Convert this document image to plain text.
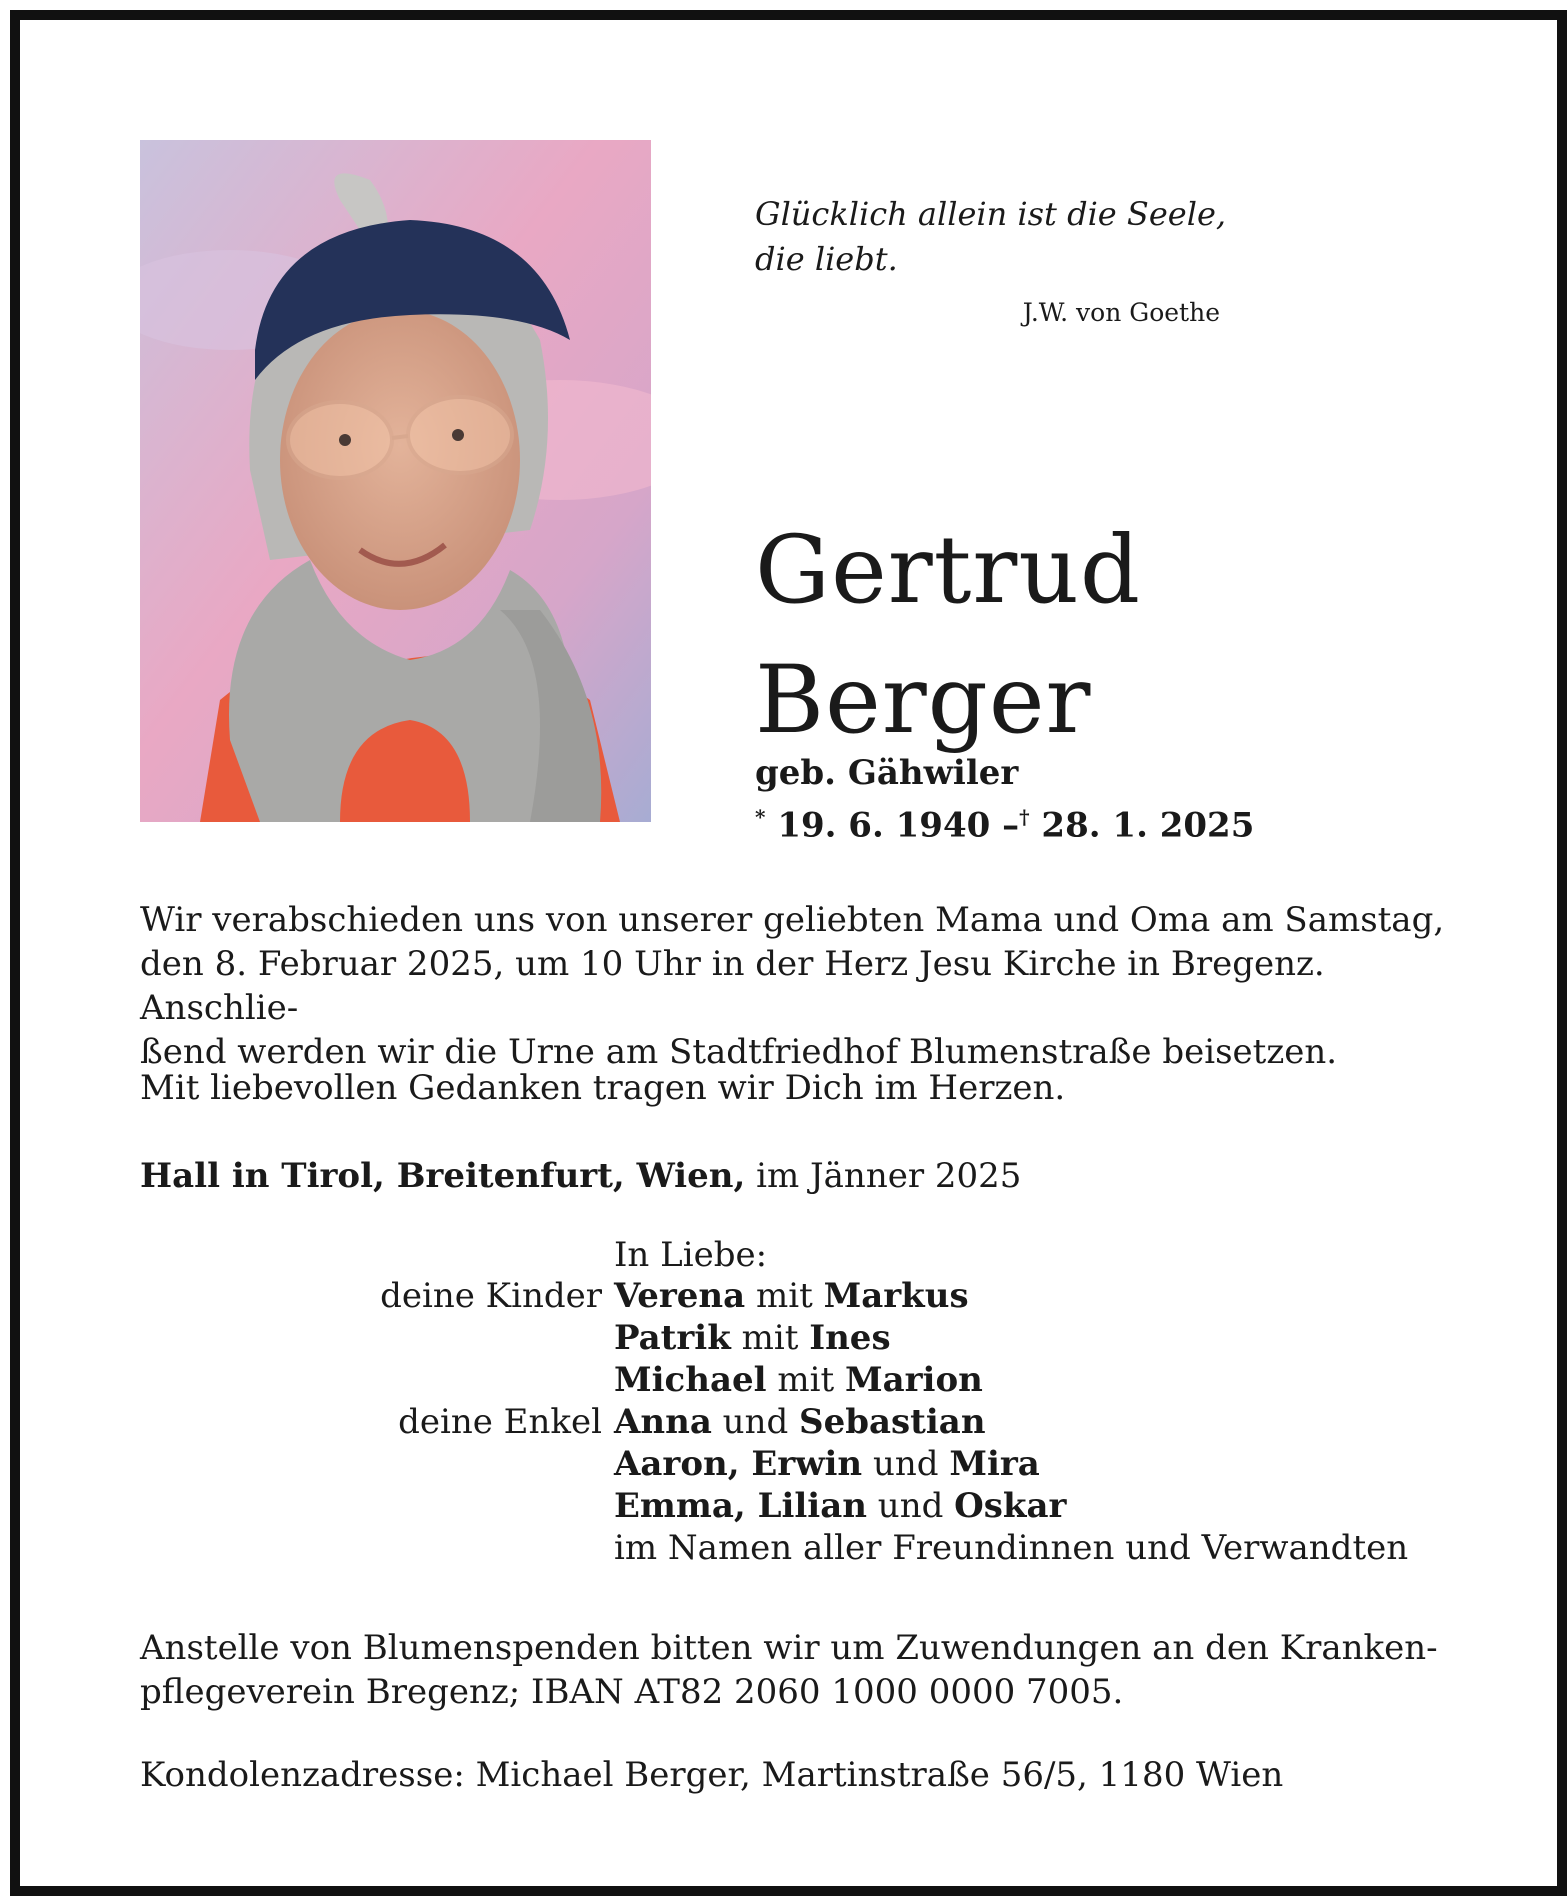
Glücklich allein ist die Seele,
die liebt.
J.W. von Goethe
Gertrud
Berger
geb. Gähwiler
* 19. 6. 1940 –† 28. 1. 2025
Wir verabschieden uns von unserer geliebten Mama und Oma am Samstag,
den 8. Februar 2025, um 10 Uhr in der Herz Jesu Kirche in Bregenz. Anschlie-
ßend werden wir die Urne am Stadtfriedhof Blumenstraße beisetzen.
Mit liebevollen Gedanken tragen wir Dich im Herzen.
Hall in Tirol, Breitenfurt, Wien, im Jänner 2025
In Liebe:
deine Kinder Verena mit Markus
Patrik mit Ines
Michael mit Marion
deine Enkel Anna und Sebastian
Aaron, Erwin und Mira
Emma, Lilian und Oskar
im Namen aller Freundinnen und Verwandten
Anstelle von Blumenspenden bitten wir um Zuwendungen an den Kranken-
pflegeverein Bregenz; IBAN AT82 2060 1000 0000 7005.
Kondolenzadresse: Michael Berger, Martinstraße 56/5, 1180 Wien
